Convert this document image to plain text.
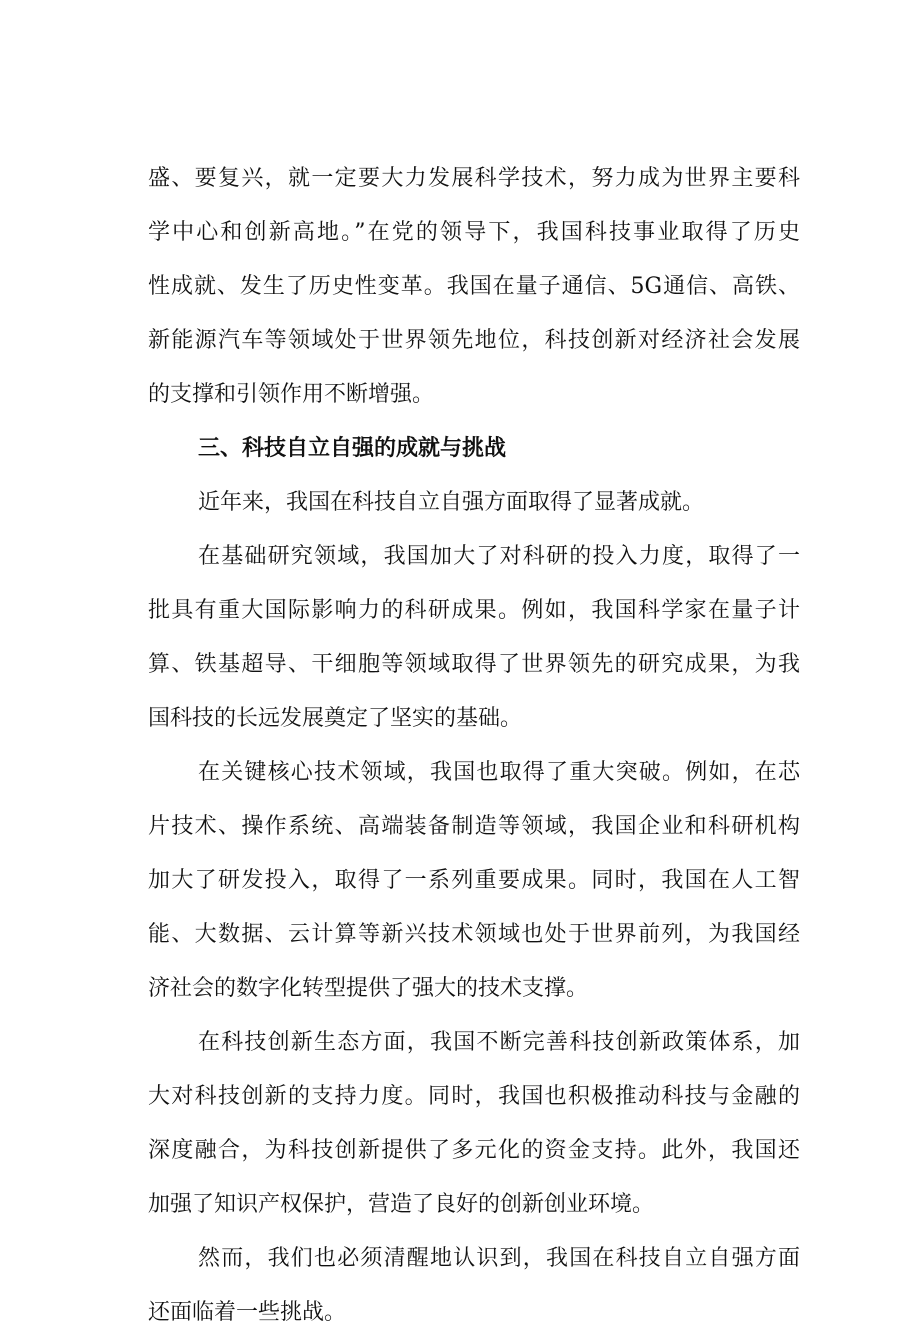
盛、要复兴，就一定要大力发展科学技术，努力成为世界主要科
学中心和创新高地。”在党的领导下，我国科技事业取得了历史
性成就、发生了历史性变革。我国在量子通信、5G通信、高铁、
新能源汽车等领域处于世界领先地位，科技创新对经济社会发展
的支撑和引领作用不断增强。
三、科技自立自强的成就与挑战
近年来，我国在科技自立自强方面取得了显著成就。
在基础研究领域，我国加大了对科研的投入力度，取得了一
批具有重大国际影响力的科研成果。例如，我国科学家在量子计
算、铁基超导、干细胞等领域取得了世界领先的研究成果，为我
国科技的长远发展奠定了坚实的基础。
在关键核心技术领域，我国也取得了重大突破。例如，在芯
片技术、操作系统、高端装备制造等领域，我国企业和科研机构
加大了研发投入，取得了一系列重要成果。同时，我国在人工智
能、大数据、云计算等新兴技术领域也处于世界前列，为我国经
济社会的数字化转型提供了强大的技术支撑。
在科技创新生态方面，我国不断完善科技创新政策体系，加
大对科技创新的支持力度。同时，我国也积极推动科技与金融的
深度融合，为科技创新提供了多元化的资金支持。此外，我国还
加强了知识产权保护，营造了良好的创新创业环境。
然而，我们也必须清醒地认识到，我国在科技自立自强方面
还面临着一些挑战。
